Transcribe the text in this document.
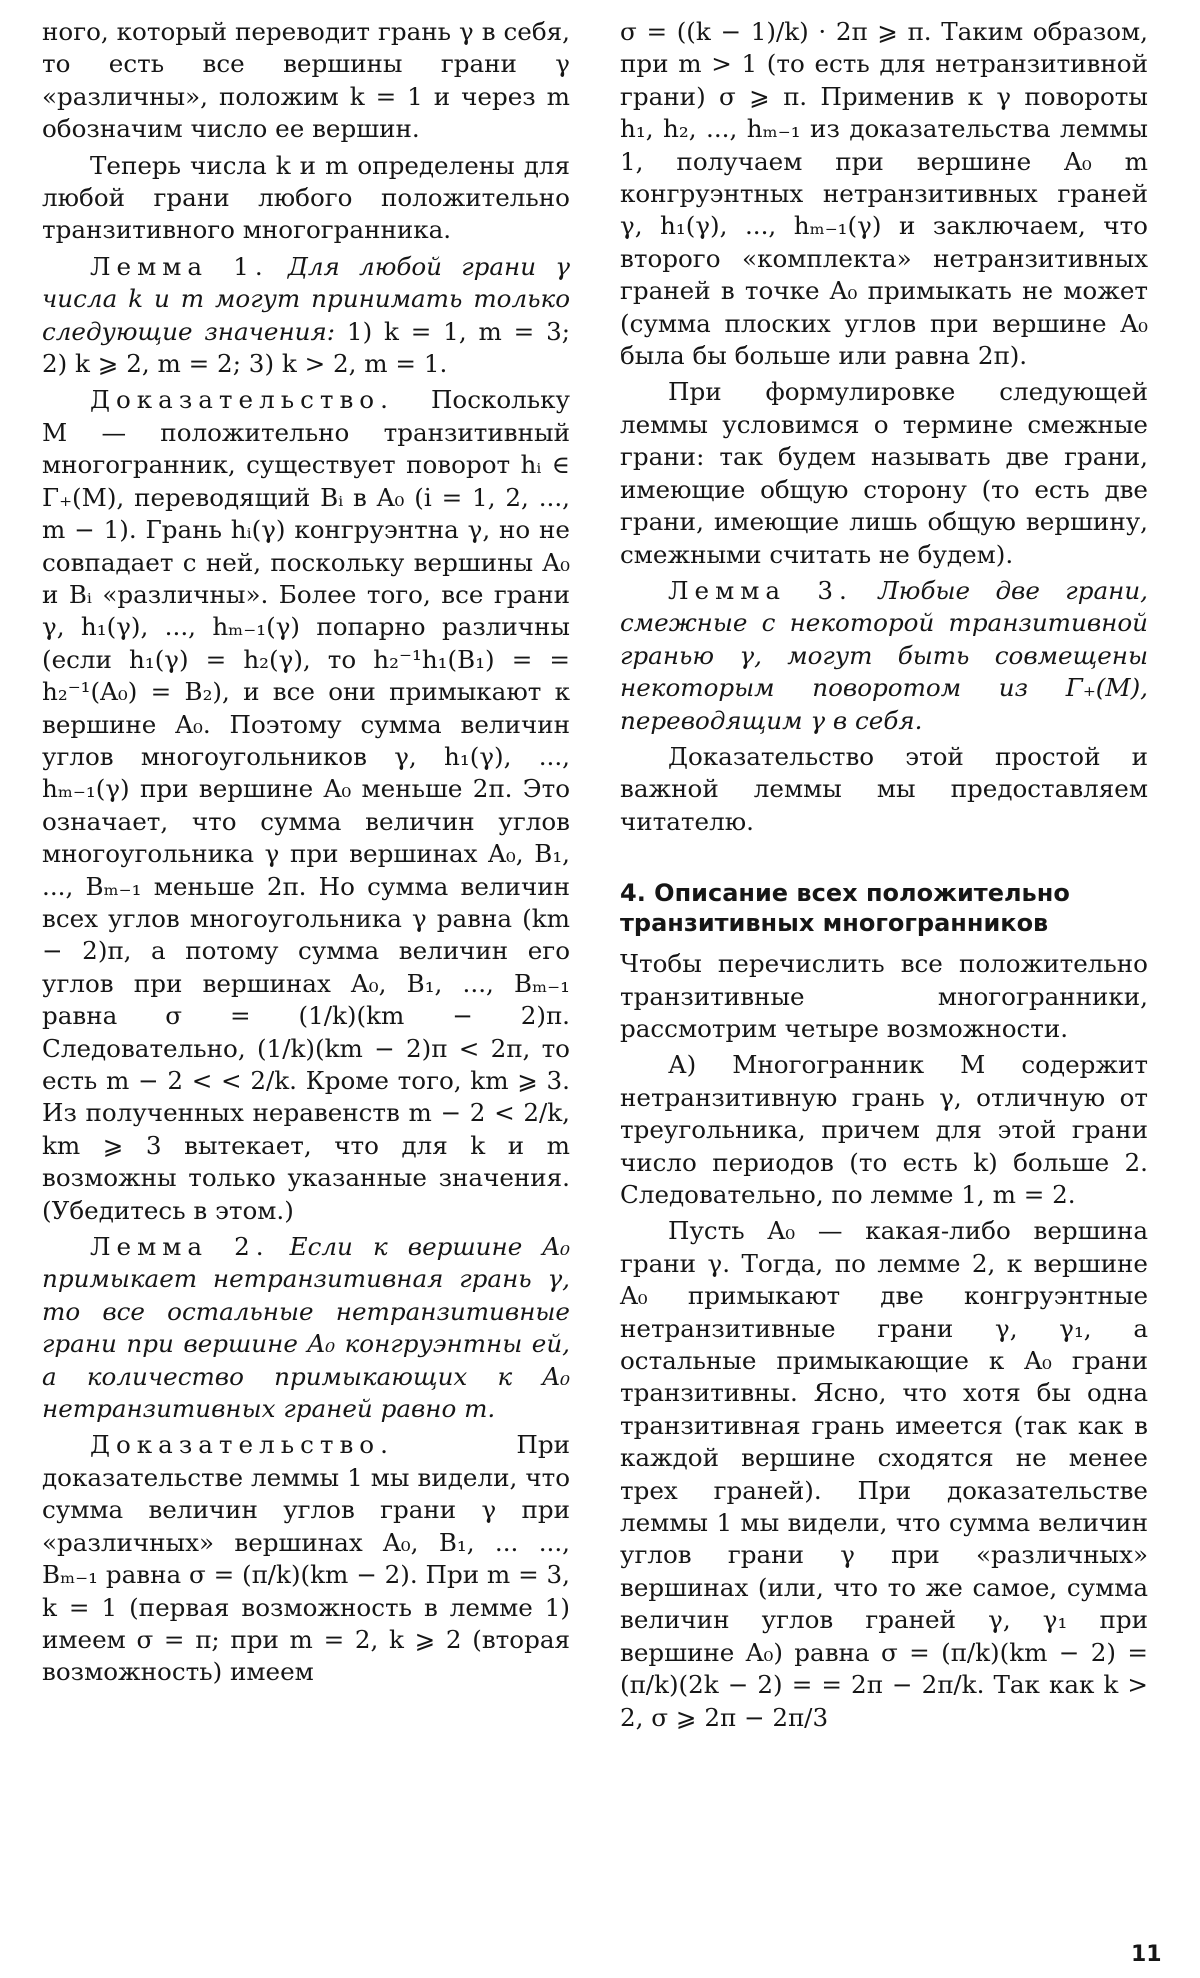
ного, который переводит грань γ в себя, то есть все вершины грани γ «различны», положим k = 1 и через m обозначим число ее вершин.

Теперь числа k и m определены для любой грани любого положительно транзитивного многогранника.

Лемма 1. Для любой грани γ числа k и m могут принимать только следующие значения: 1) k = 1, m = 3; 2) k ⩾ 2, m = 2; 3) k > 2, m = 1.

Доказательство. Поскольку M — положительно транзитивный многогранник, существует поворот hᵢ ∈ Γ₊(M), переводящий Bᵢ в A₀ (i = 1, 2, ..., m − 1). Грань hᵢ(γ) конгруэнтна γ, но не совпадает с ней, поскольку вершины A₀ и Bᵢ «различны». Более того, все грани γ, h₁(γ), ..., hₘ₋₁(γ) попарно различны (если h₁(γ) = h₂(γ), то h₂⁻¹h₁(B₁) = = h₂⁻¹(A₀) = B₂), и все они примыкают к вершине A₀. Поэтому сумма величин углов многоугольников γ, h₁(γ), ..., hₘ₋₁(γ) при вершине A₀ меньше 2π. Это означает, что сумма величин углов многоугольника γ при вершинах A₀, B₁, ..., Bₘ₋₁ меньше 2π. Но сумма величин всех углов многоугольника γ равна (km − 2)π, а потому сумма величин его углов при вершинах A₀, B₁, ..., Bₘ₋₁ равна σ = (1/k)(km − 2)π. Следовательно, (1/k)(km − 2)π < 2π, то есть m − 2 < < 2/k. Кроме того, km ⩾ 3. Из полученных неравенств m − 2 < 2/k, km ⩾ 3 вытекает, что для k и m возможны только указанные значения. (Убедитесь в этом.)

Лемма 2. Если к вершине A₀ примыкает нетранзитивная грань γ, то все остальные нетранзитивные грани при вершине A₀ конгруэнтны ей, а количество примыкающих к A₀ нетранзитивных граней равно m.

Доказательство.	При доказательстве леммы 1 мы видели, что сумма величин углов грани γ при «различных» вершинах A₀, B₁, ... ..., Bₘ₋₁ равна σ = (π/k)(km − 2). При m = 3, k = 1 (первая возможность в лемме 1) имеем σ = π; при m = 2, k ⩾ 2 (вторая возможность) имеем

σ = ((k − 1)/k) · 2π ⩾ π. Таким образом, при m > 1 (то есть для нетранзитивной грани) σ ⩾ π. Применив к γ повороты h₁, h₂, ..., hₘ₋₁ из доказательства леммы 1, получаем при вершине A₀ m конгруэнтных нетранзитивных граней γ, h₁(γ), ..., hₘ₋₁(γ) и заключаем, что второго «комплекта» нетранзитивных граней в точке A₀ примыкать не может (сумма плоских углов при вершине A₀ была бы больше или равна 2π).

При формулировке следующей леммы условимся о термине смежные грани: так будем называть две грани, имеющие общую сторону (то есть две грани, имеющие лишь общую вершину, смежными считать не будем).

Лемма 3. Любые две грани, смежные с некоторой транзитивной гранью γ, могут быть совмещены некоторым поворотом из Γ₊(M), переводящим γ в себя.

Доказательство этой простой и важной леммы мы предоставляем читателю.

4. Описание всех положительно транзитивных многогранников

Чтобы перечислить все положительно транзитивные многогранники, рассмотрим четыре возможности.

А) Многогранник M содержит нетранзитивную грань γ, отличную от треугольника, причем для этой грани число периодов (то есть k) больше 2. Следовательно, по лемме 1, m = 2.

Пусть A₀ — какая-либо вершина грани γ. Тогда, по лемме 2, к вершине A₀ примыкают две конгруэнтные нетранзитивные грани γ, γ₁, а остальные примыкающие к A₀ грани транзитивны. Ясно, что хотя бы одна транзитивная грань имеется (так как в каждой вершине сходятся не менее трех граней). При доказательстве леммы 1 мы видели, что сумма величин углов грани γ при «различных» вершинах (или, что то же самое, сумма величин углов граней γ, γ₁ при вершине A₀) равна σ = (π/k)(km − 2) = (π/k)(2k − 2) = = 2π − 2π/k. Так как k > 2, σ ⩾ 2π − 2π/3

11
